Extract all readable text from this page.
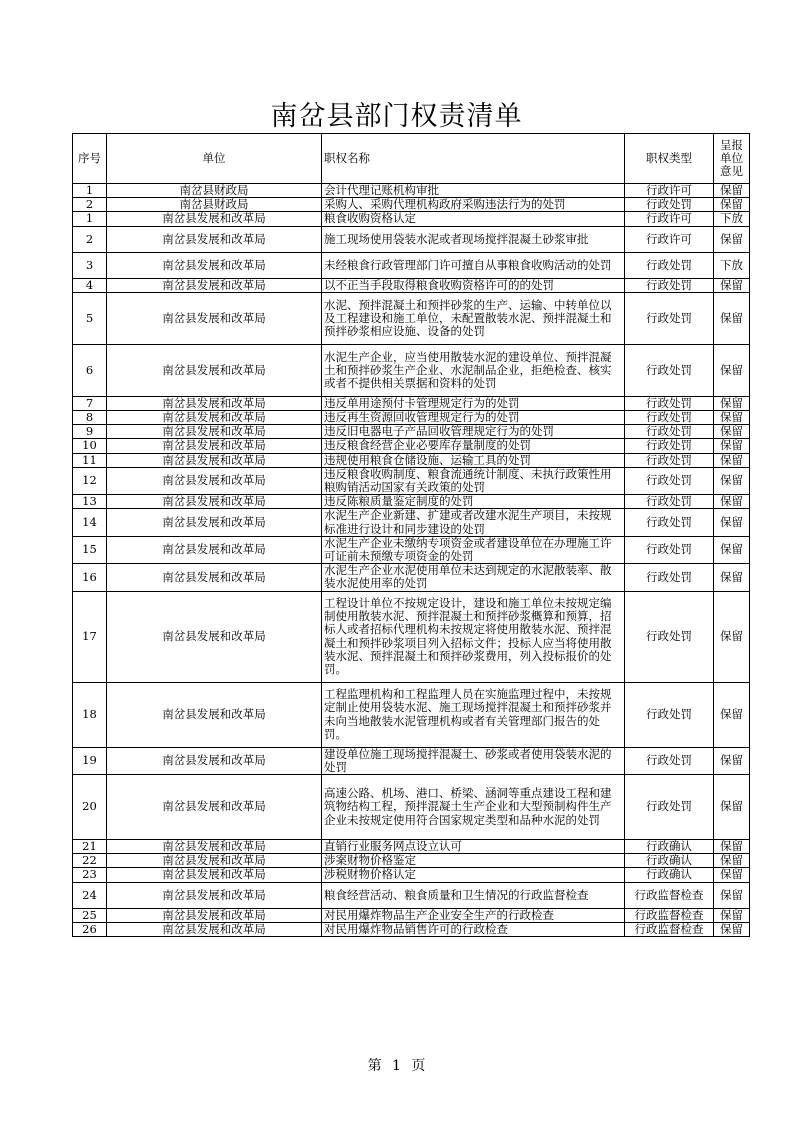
南岔县部门权责清单
序号	单位	职权名称	职权类型	呈报单位意见
1	南岔县财政局	会计代理记账机构审批	行政许可	保留
2	南岔县财政局	采购人、采购代理机构政府采购违法行为的处罚	行政处罚	保留
1	南岔县发展和改革局	粮食收购资格认定	行政许可	下放
2	南岔县发展和改革局	施工现场使用袋装水泥或者现场搅拌混凝土砂浆审批	行政许可	保留
3	南岔县发展和改革局	未经粮食行政管理部门许可擅自从事粮食收购活动的处罚	行政处罚	下放
4	南岔县发展和改革局	以不正当手段取得粮食收购资格许可的的处罚	行政处罚	保留
5	南岔县发展和改革局	水泥、预拌混凝土和预拌砂浆的生产、运输、中转单位以及工程建设和施工单位，未配置散装水泥、预拌混凝土和预拌砂浆相应设施、设备的处罚	行政处罚	保留
6	南岔县发展和改革局	水泥生产企业，应当使用散装水泥的建设单位、预拌混凝土和预拌砂浆生产企业、水泥制品企业，拒绝检查、核实或者不提供相关票据和资料的处罚	行政处罚	保留
7	南岔县发展和改革局	违反单用途预付卡管理规定行为的处罚	行政处罚	保留
8	南岔县发展和改革局	违反再生资源回收管理规定行为的处罚	行政处罚	保留
9	南岔县发展和改革局	违反旧电器电子产品回收管理规定行为的处罚	行政处罚	保留
10	南岔县发展和改革局	违反粮食经营企业必要库存量制度的处罚	行政处罚	保留
11	南岔县发展和改革局	违规使用粮食仓储设施、运输工具的处罚	行政处罚	保留
12	南岔县发展和改革局	违反粮食收购制度、粮食流通统计制度、未执行政策性用粮购销活动国家有关政策的处罚	行政处罚	保留
13	南岔县发展和改革局	违反陈粮质量鉴定制度的处罚	行政处罚	保留
14	南岔县发展和改革局	水泥生产企业新建、扩建或者改建水泥生产项目，未按规标准进行设计和同步建设的处罚	行政处罚	保留
15	南岔县发展和改革局	水泥生产企业未缴纳专项资金或者建设单位在办理施工许可证前未预缴专项资金的处罚	行政处罚	保留
16	南岔县发展和改革局	水泥生产企业水泥使用单位未达到规定的水泥散装率、散装水泥使用率的处罚	行政处罚	保留
17	南岔县发展和改革局	工程设计单位不按规定设计，建设和施工单位未按规定编制使用散装水泥、预拌混凝土和预拌砂浆概算和预算，招标人或者招标代理机构未按规定将使用散装水泥、预拌混凝土和预拌砂浆项目列入招标文件；投标人应当将使用散装水泥、预拌混凝土和预拌砂浆费用，列入投标报价的处罚。	行政处罚	保留
18	南岔县发展和改革局	工程监理机构和工程监理人员在实施监理过程中，未按规定制止使用袋装水泥、施工现场搅拌混凝土和预拌砂浆并未向当地散装水泥管理机构或者有关管理部门报告的处罚。	行政处罚	保留
19	南岔县发展和改革局	建设单位施工现场搅拌混凝土、砂浆或者使用袋装水泥的处罚	行政处罚	保留
20	南岔县发展和改革局	高速公路、机场、港口、桥梁、涵洞等重点建设工程和建筑物结构工程，预拌混凝土生产企业和大型预制构件生产企业未按规定使用符合国家规定类型和品种水泥的处罚	行政处罚	保留
21	南岔县发展和改革局	直销行业服务网点设立认可	行政确认	保留
22	南岔县发展和改革局	涉案财物价格鉴定	行政确认	保留
23	南岔县发展和改革局	涉税财物价格认定	行政确认	保留
24	南岔县发展和改革局	粮食经营活动、粮食质量和卫生情况的行政监督检查	行政监督检查	保留
25	南岔县发展和改革局	对民用爆炸物品生产企业安全生产的行政检查	行政监督检查	保留
26	南岔县发展和改革局	对民用爆炸物品销售许可的行政检查	行政监督检查	保留
第 1 页
